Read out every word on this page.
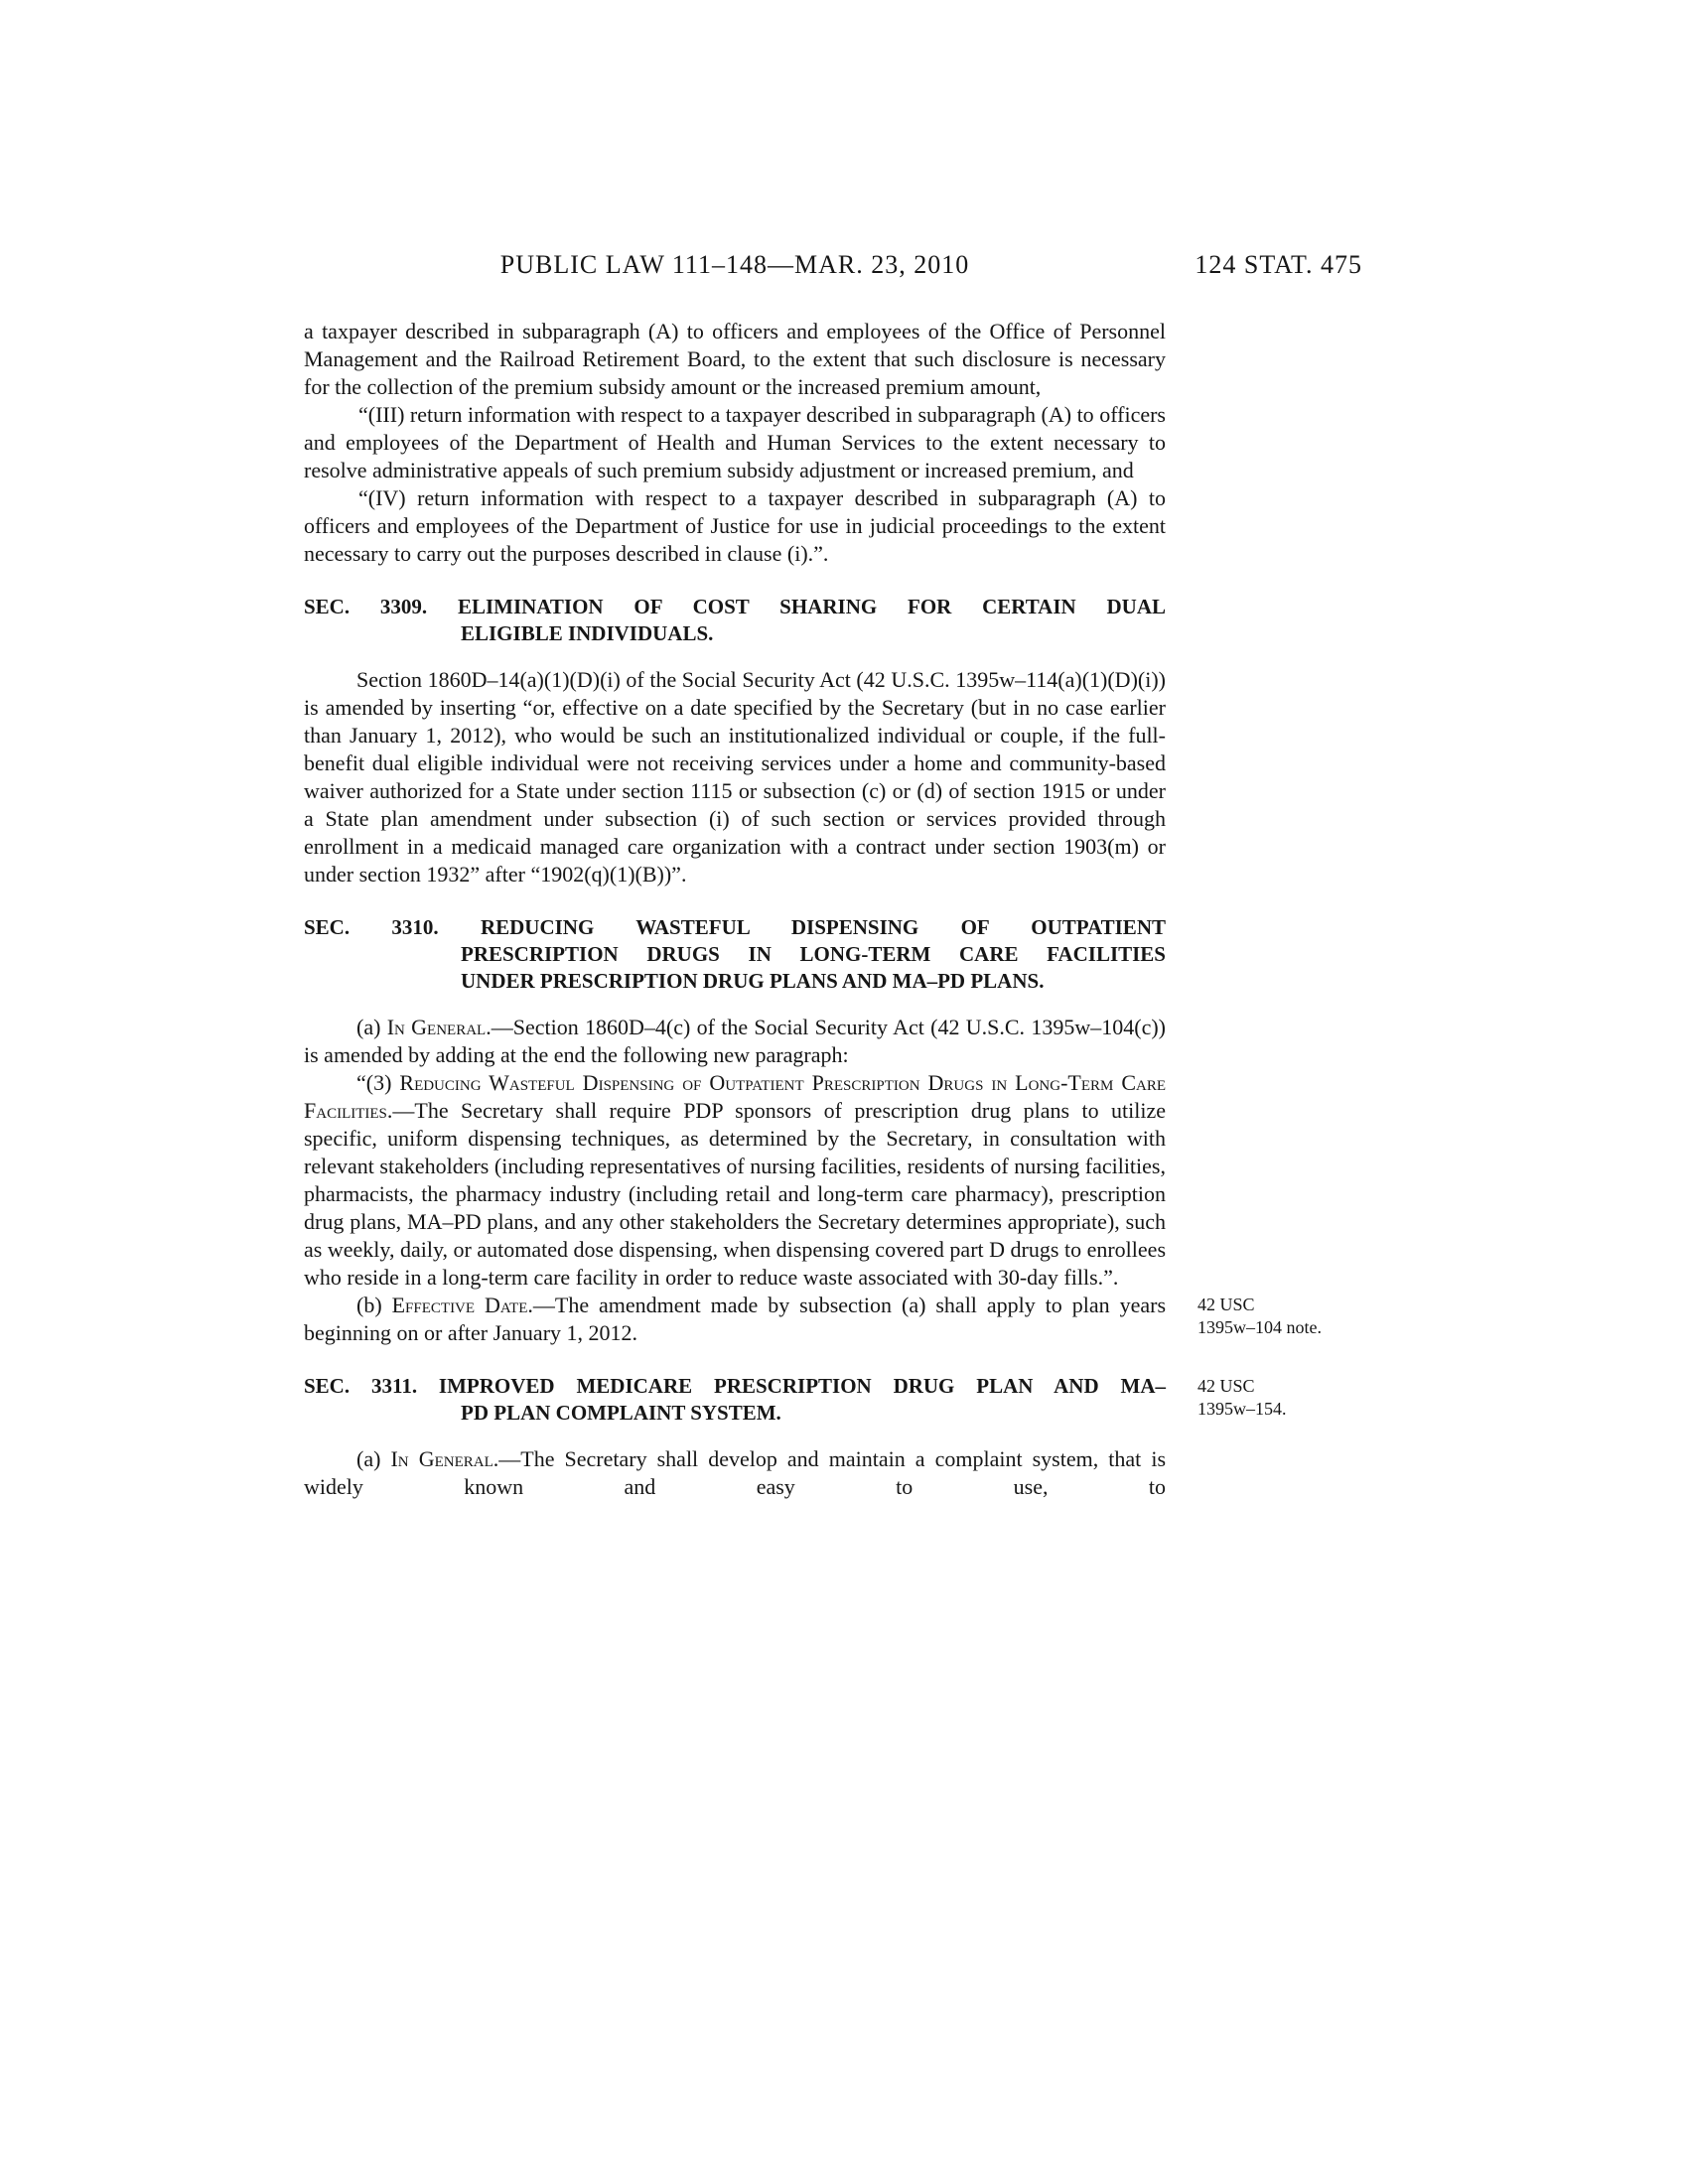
PUBLIC LAW 111–148—MAR. 23, 2010	124 STAT. 475

a taxpayer described in subparagraph (A) to officers and employees of the Office of Personnel Management and the Railroad Retirement Board, to the extent that such disclosure is necessary for the collection of the premium subsidy amount or the increased premium amount,

“(III) return information with respect to a taxpayer described in subparagraph (A) to officers and employees of the Department of Health and Human Services to the extent necessary to resolve administrative appeals of such premium subsidy adjustment or increased premium, and

“(IV) return information with respect to a taxpayer described in subparagraph (A) to officers and employees of the Department of Justice for use in judicial proceedings to the extent necessary to carry out the purposes described in clause (i).”.

SEC. 3309. ELIMINATION OF COST SHARING FOR CERTAIN DUAL
ELIGIBLE INDIVIDUALS.

Section 1860D–14(a)(1)(D)(i) of the Social Security Act (42 U.S.C. 1395w–114(a)(1)(D)(i)) is amended by inserting “or, effective on a date specified by the Secretary (but in no case earlier than January 1, 2012), who would be such an institutionalized individual or couple, if the full-benefit dual eligible individual were not receiving services under a home and community-based waiver authorized for a State under section 1115 or subsection (c) or (d) of section 1915 or under a State plan amendment under subsection (i) of such section or services provided through enrollment in a medicaid managed care organization with a contract under section 1903(m) or under section 1932” after “1902(q)(1)(B))”.

SEC. 3310. REDUCING WASTEFUL DISPENSING OF OUTPATIENT
PRESCRIPTION DRUGS IN LONG-TERM CARE FACILITIES
UNDER PRESCRIPTION DRUG PLANS AND MA–PD PLANS.

(a) In General.—Section 1860D–4(c) of the Social Security Act (42 U.S.C. 1395w–104(c)) is amended by adding at the end the following new paragraph:

“(3) Reducing Wasteful Dispensing of Outpatient Prescription Drugs in Long-Term Care Facilities.—The Secretary shall require PDP sponsors of prescription drug plans to utilize specific, uniform dispensing techniques, as determined by the Secretary, in consultation with relevant stakeholders (including representatives of nursing facilities, residents of nursing facilities, pharmacists, the pharmacy industry (including retail and long-term care pharmacy), prescription drug plans, MA–PD plans, and any other stakeholders the Secretary determines appropriate), such as weekly, daily, or automated dose dispensing, when dispensing covered part D drugs to enrollees who reside in a long-term care facility in order to reduce waste associated with 30-day fills.”.

(b) Effective Date.—The amendment made by subsection (a) shall apply to plan years beginning on or after January 1, 2012.
42 USC
1395w–104 note.

SEC. 3311. IMPROVED MEDICARE PRESCRIPTION DRUG PLAN AND MA–
PD PLAN COMPLAINT SYSTEM.
42 USC
1395w–154.

(a) In General.—The Secretary shall develop and maintain a complaint system, that is widely known and easy to use, to
